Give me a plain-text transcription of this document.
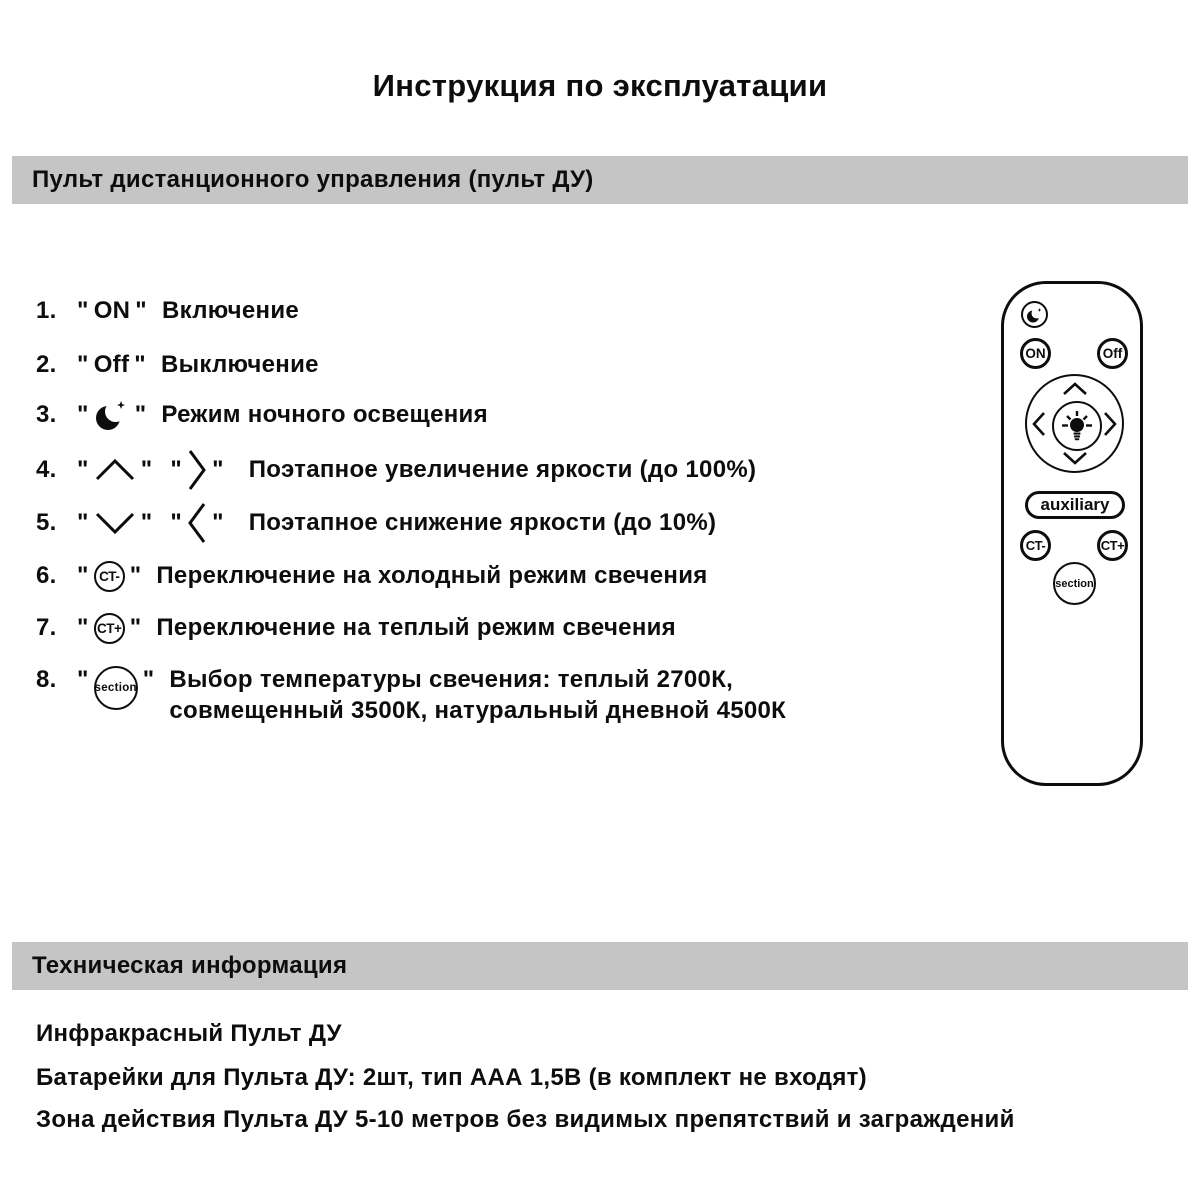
Инструкция по эксплуатации
Пульт дистанционного управления (пульт ДУ)
1. " ON " Включение
2. " Off " Выключение
3. " " Режим ночного освещения
4. " " " " Поэтапное увеличение яркости (до 100%)
5. " " " " Поэтапное снижение яркости (до 10%)
6. " CT- " Переключение на холодный режим свечения
7. " CT+ " Переключение на теплый режим свечения
8. " section " Выбор температуры свечения: теплый 2700К,
совмещенный 3500К, натуральный дневной 4500К
ON	Off
auxiliary
CT-	CT+
section
Техническая информация
Инфракрасный Пульт ДУ
Батарейки для Пульта ДУ: 2шт, тип ААА 1,5В (в комплект не входят)
Зона действия Пульта ДУ 5-10 метров без видимых препятствий и заграждений
